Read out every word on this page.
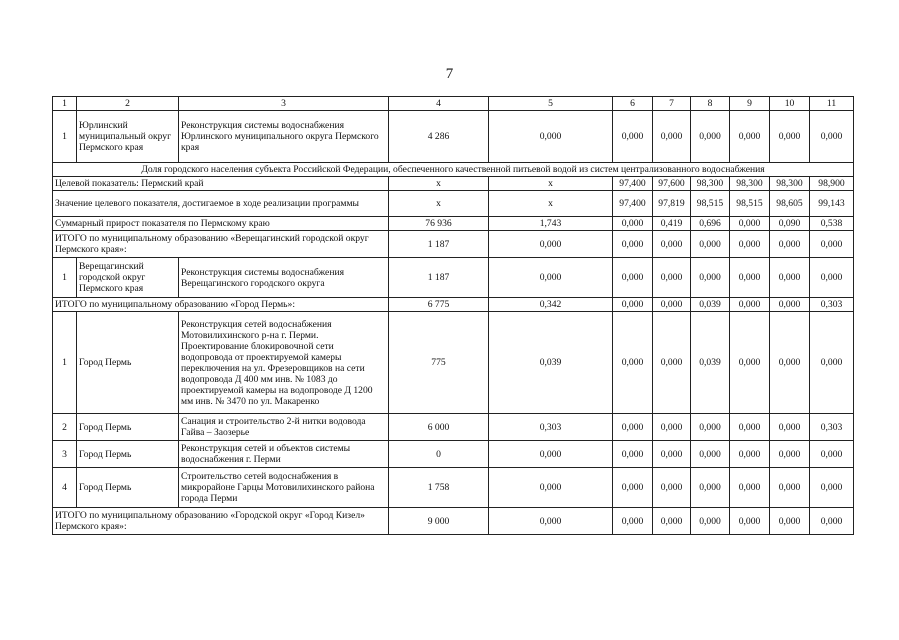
7
1	2	3	4	5	6	7	8	9	10	11
1	Юрлинский муниципальный округ Пермского края	Реконструкция системы водоснабжения Юрлинского муниципального округа Пермского края	4 286	0,000	0,000	0,000	0,000	0,000	0,000	0,000
Доля городского населения субъекта Российской Федерации, обеспеченного качественной питьевой водой из систем централизованного водоснабжения										
Целевой показатель: Пермский край			x	x	97,400	97,600	98,300	98,300	98,300	98,900
Значение целевого показателя, достигаемое в ходе реализации программы			x	x	97,400	97,819	98,515	98,515	98,605	99,143
Суммарный прирост показателя по Пермскому краю			76 936	1,743	0,000	0,419	0,696	0,000	0,090	0,538
ИТОГО по муниципальному образованию «Верещагинский городской округ Пермского края»:			1 187	0,000	0,000	0,000	0,000	0,000	0,000	0,000
1	Верещагинский городской округ Пермского края	Реконструкция системы водоснабжения Верещагинского городского округа	1 187	0,000	0,000	0,000	0,000	0,000	0,000	0,000
ИТОГО по муниципальному образованию «Город Пермь»:			6 775	0,342	0,000	0,000	0,039	0,000	0,000	0,303
1	Город Пермь	Реконструкция сетей водоснабжения Мотовилихинского р-на г. Перми. Проектирование блокировочной сети водопровода от проектируемой камеры переключения на ул. Фрезеровщиков на сети водопровода Д 400 мм инв. № 1083 до проектируемой камеры на водопроводе Д 1200 мм инв. № 3470 по ул. Макаренко	775	0,039	0,000	0,000	0,039	0,000	0,000	0,000
2	Город Пермь	Санация и строительство 2-й нитки водовода Гайва – Заозерье	6 000	0,303	0,000	0,000	0,000	0,000	0,000	0,303
3	Город Пермь	Реконструкция сетей и объектов системы водоснабжения г. Перми	0	0,000	0,000	0,000	0,000	0,000	0,000	0,000
4	Город Пермь	Строительство сетей водоснабжения в микрорайоне Гарцы Мотовилихинского района города Перми	1 758	0,000	0,000	0,000	0,000	0,000	0,000	0,000
ИТОГО по муниципальному образованию «Городской округ «Город Кизел» Пермского края»:			9 000	0,000	0,000	0,000	0,000	0,000	0,000	0,000
